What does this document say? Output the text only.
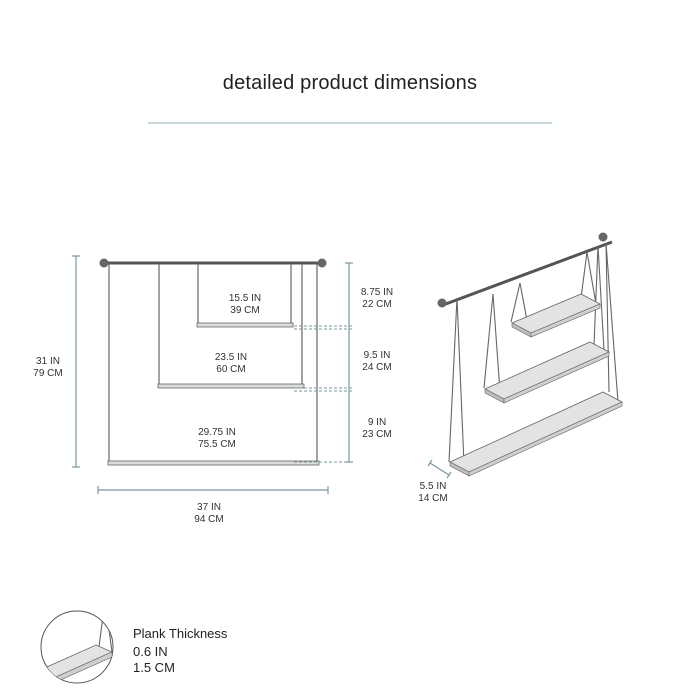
detailed product dimensions
15.5 IN
39 CM
23.5 IN
60 CM
29.75 IN
75.5 CM
31 IN
79 CM
37 IN
94 CM
8.75 IN
22 CM
9.5 IN
24 CM
9 IN
23 CM
5.5 IN
14 CM
Plank Thickness
0.6 IN
1.5 CM
